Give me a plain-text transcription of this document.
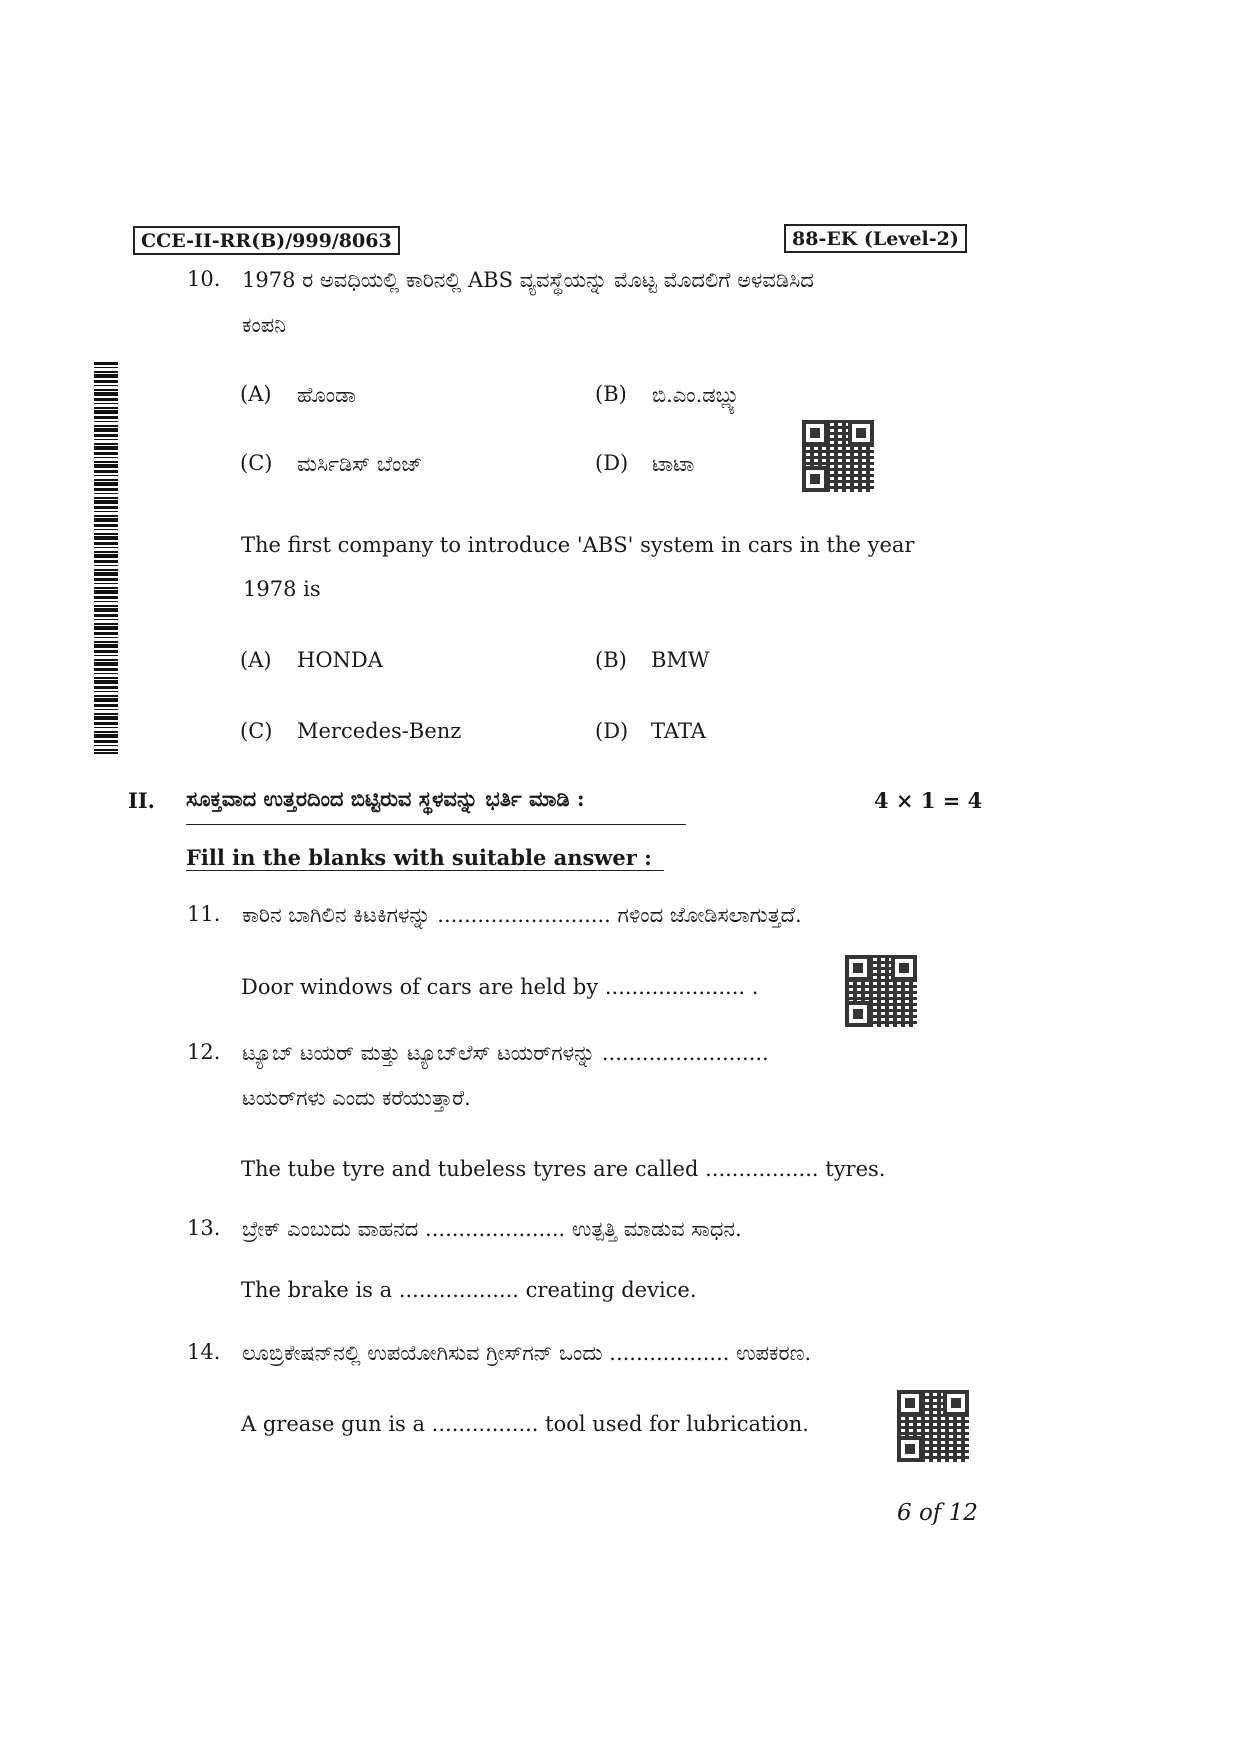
CCE-II-RR(B)/999/8063	88-EK (Level-2)
10. 1978 ರ ಅವಧಿಯಲ್ಲಿ ಕಾರಿನಲ್ಲಿ ABS ವ್ಯವಸ್ಥೆಯನ್ನು ಮೊಟ್ಟ ಮೊದಲಿಗೆ ಅಳವಡಿಸಿದ
ಕಂಪನಿ
(A) ಹೊಂಡಾ	(B) ಬಿ.ಎಂ.ಡಬ್ಲ್ಯು
(C) ಮರ್ಸಿಡಿಸ್ ಬೆಂಜ್	(D) ಟಾಟಾ
The first company to introduce 'ABS' system in cars in the year
1978 is
(A) HONDA	(B) BMW
(C) Mercedes-Benz	(D) TATA
II. ಸೂಕ್ತವಾದ ಉತ್ತರದಿಂದ ಬಿಟ್ಟಿರುವ ಸ್ಥಳವನ್ನು ಭರ್ತಿ ಮಾಡಿ :	4 × 1 = 4
Fill in the blanks with suitable answer :
11. ಕಾರಿನ ಬಾಗಿಲಿನ ಕಿಟಕಿಗಳನ್ನು .......................... ಗಳಿಂದ ಜೋಡಿಸಲಾಗುತ್ತದೆ.
Door windows of cars are held by ..................... .
12. ಟ್ಯೂಬ್ ಟಯರ್ ಮತ್ತು ಟ್ಯೂಬ್‌ಲೆಸ್ ಟಯರ್‌ಗಳನ್ನು .........................
ಟಯರ್‌ಗಳು ಎಂದು ಕರೆಯುತ್ತಾರೆ.
The tube tyre and tubeless tyres are called ................. tyres.
13. ಬ್ರೇಕ್ ಎಂಬುದು ವಾಹನದ ..................... ಉತ್ಪತ್ತಿ ಮಾಡುವ ಸಾಧನ.
The brake is a .................. creating device.
14. ಲೂಬ್ರಿಕೇಷನ್‌ನಲ್ಲಿ ಉಪಯೋಗಿಸುವ ಗ್ರೀಸ್‌ಗನ್ ಒಂದು .................. ಉಪಕರಣ.
A grease gun is a ................ tool used for lubrication.
6 of 12
